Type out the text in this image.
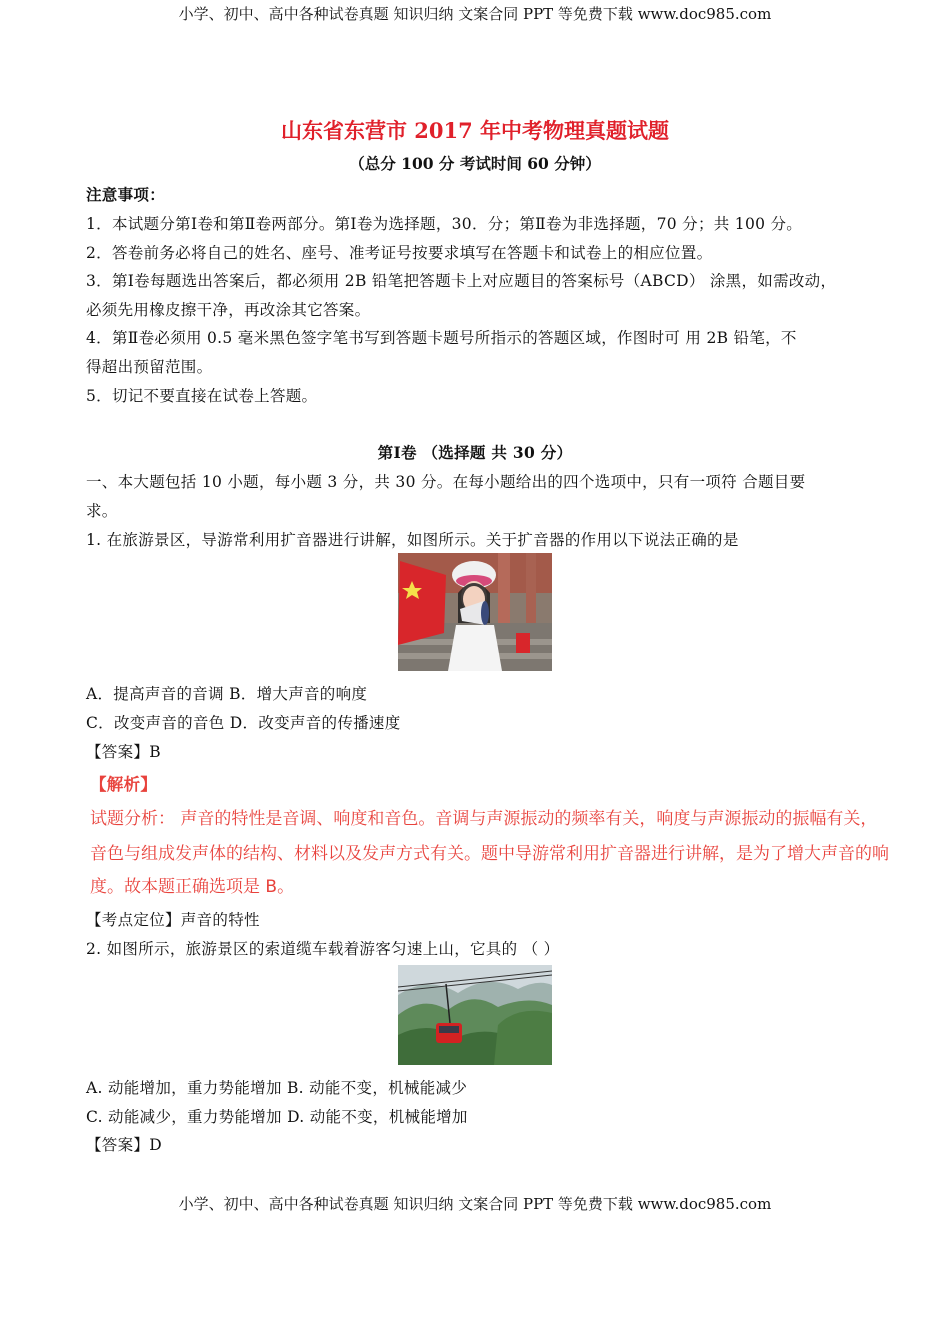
小学、初中、高中各种试卷真题 知识归纳 文案合同 PPT 等免费下载 www.doc985.com
山东省东营市 2017 年中考物理真题试题
（总分 100 分 考试时间 60 分钟）
注意事项：
1．本试题分第Ⅰ卷和第Ⅱ卷两部分。第Ⅰ卷为选择题，30．分；第Ⅱ卷为非选择题，70 分；共 100 分。
2．答卷前务必将自己的姓名、座号、准考证号按要求填写在答题卡和试卷上的相应位置。
3．第Ⅰ卷每题选出答案后，都必须用 2B 铅笔把答题卡上对应题目的答案标号（ABCD） 涂黑，如需改动，
必须先用橡皮擦干净，再改涂其它答案。
4．第Ⅱ卷必须用 0.5 毫米黑色签字笔书写到答题卡题号所指示的答题区域，作图时可 用 2B 铅笔，不
得超出预留范围。
5．切记不要直接在试卷上答题。
第Ⅰ卷 （选择题 共 30 分）
一、本大题包括 10 小题，每小题 3 分，共 30 分。在每小题给出的四个选项中，只有一项符 合题目要
求。
1. 在旅游景区，导游常利用扩音器进行讲解，如图所示。关于扩音器的作用以下说法正确的是
A．提高声音的音调 B．增大声音的响度
C．改变声音的音色 D．改变声音的传播速度
【答案】B
【解析】
试题分析： 声音的特性是音调、响度和音色。音调与声源振动的频率有关，响度与声源振动的振幅有关，
音色与组成发声体的结构、材料以及发声方式有关。题中导游常利用扩音器进行讲解，是为了增大声音的响
度。故本题正确选项是 B。
【考点定位】声音的特性
2. 如图所示，旅游景区的索道缆车载着游客匀速上山，它具的 （ ）
A. 动能增加，重力势能增加 B. 动能不变，机械能减少
C. 动能减少，重力势能增加 D. 动能不变，机械能增加
【答案】D
小学、初中、高中各种试卷真题 知识归纳 文案合同 PPT 等免费下载 www.doc985.com
